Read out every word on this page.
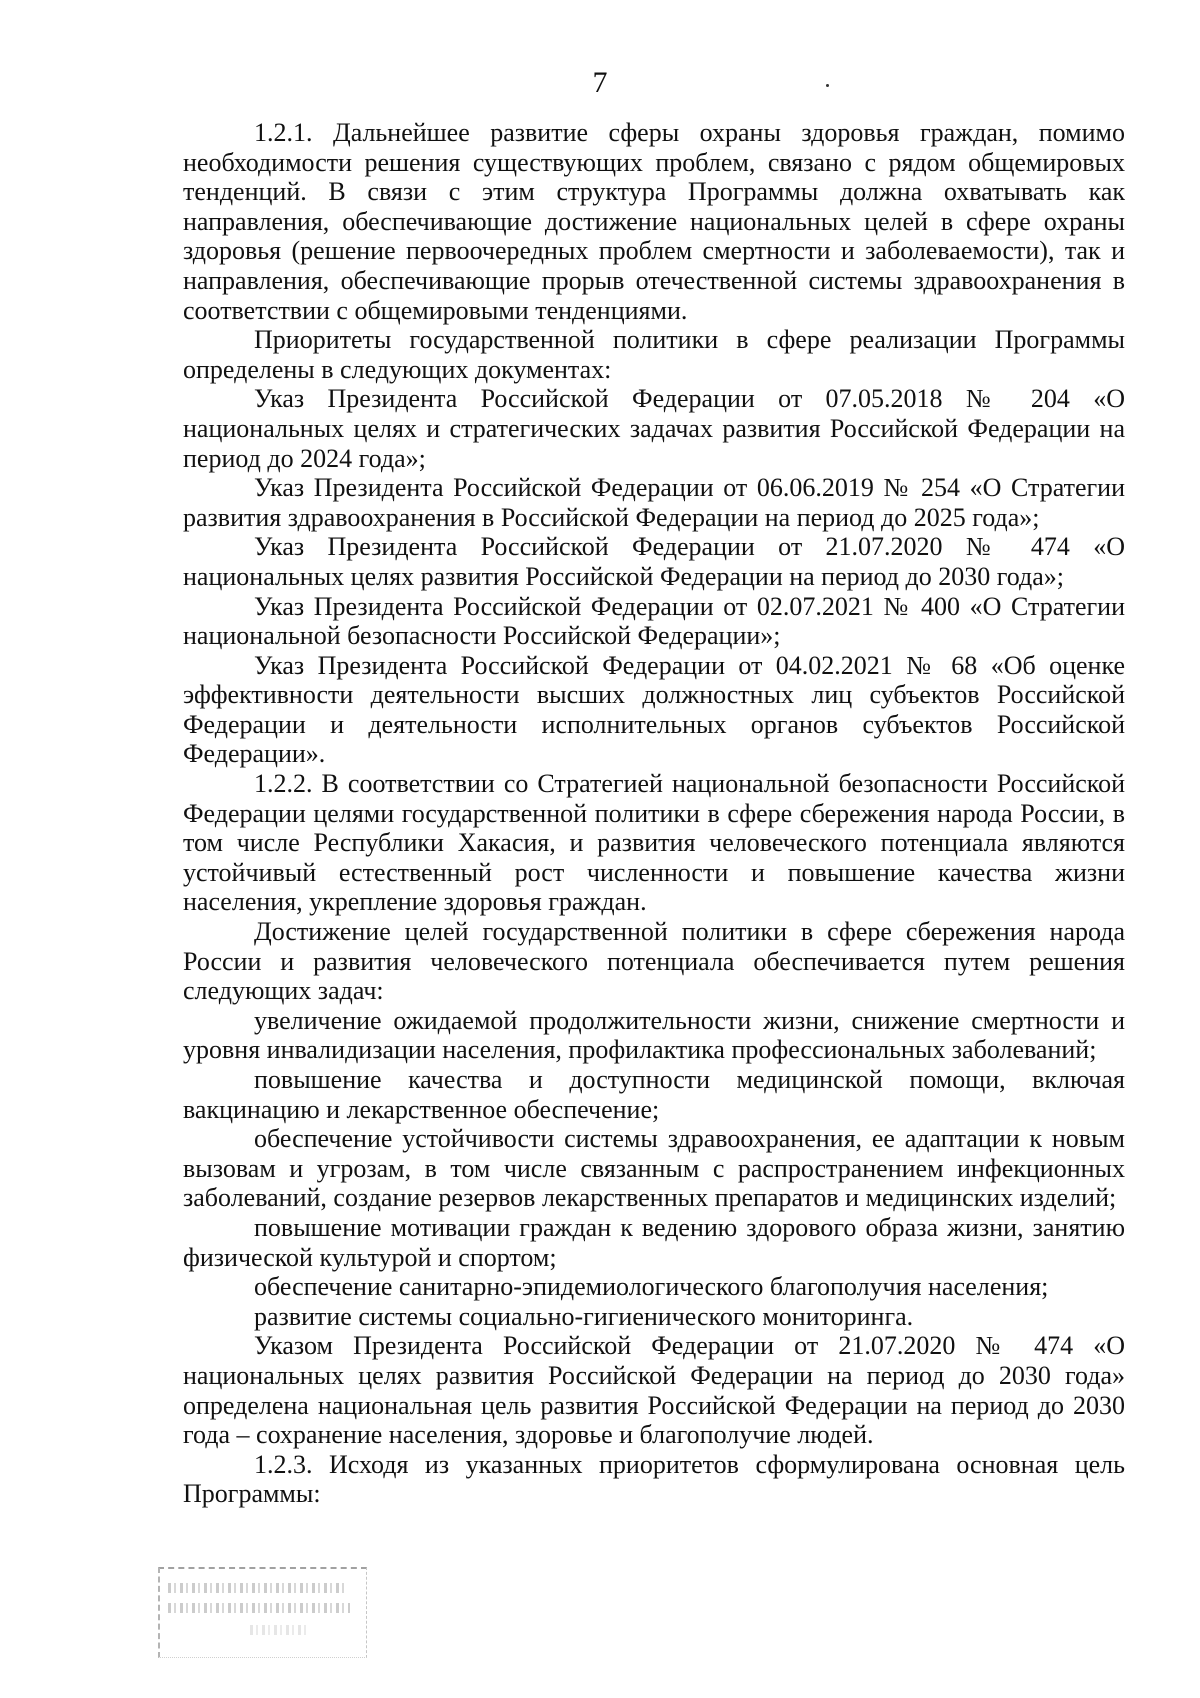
7

1.2.1. Дальнейшее развитие сферы охраны здоровья граждан, помимо необходимости решения существующих проблем, связано с рядом общемировых тенденций. В связи с этим структура Программы должна охватывать как направления, обеспечивающие достижение национальных целей в сфере охраны здоровья (решение первоочередных проблем смертности и заболеваемости), так и направления, обеспечивающие прорыв отечественной системы здравоохранения в соответствии с общемировыми тенденциями.

Приоритеты государственной политики в сфере реализации Программы определены в следующих документах:

Указ Президента Российской Федерации от 07.05.2018 № 204 «О национальных целях и стратегических задачах развития Российской Федерации на период до 2024 года»;

Указ Президента Российской Федерации от 06.06.2019 № 254 «О Стратегии развития здравоохранения в Российской Федерации на период до 2025 года»;

Указ Президента Российской Федерации от 21.07.2020 № 474 «О национальных целях развития Российской Федерации на период до 2030 года»;

Указ Президента Российской Федерации от 02.07.2021 № 400 «О Стратегии национальной безопасности Российской Федерации»;

Указ Президента Российской Федерации от 04.02.2021 № 68 «Об оценке эффективности деятельности высших должностных лиц субъектов Российской Федерации и деятельности исполнительных органов субъектов Российской Федерации».

1.2.2. В соответствии со Стратегией национальной безопасности Российской Федерации целями государственной политики в сфере сбережения народа России, в том числе Республики Хакасия, и развития человеческого потенциала являются устойчивый естественный рост численности и повышение качества жизни населения, укрепление здоровья граждан.

Достижение целей государственной политики в сфере сбережения народа России и развития человеческого потенциала обеспечивается путем решения следующих задач:

увеличение ожидаемой продолжительности жизни, снижение смертности и уровня инвалидизации населения, профилактика профессиональных заболеваний;

повышение качества и доступности медицинской помощи, включая вакцинацию и лекарственное обеспечение;

обеспечение устойчивости системы здравоохранения, ее адаптации к новым вызовам и угрозам, в том числе связанным с распространением инфекционных заболеваний, создание резервов лекарственных препаратов и медицинских изделий;

повышение мотивации граждан к ведению здорового образа жизни, занятию физической культурой и спортом;

обеспечение санитарно-эпидемиологического благополучия населения;

развитие системы социально-гигиенического мониторинга.

Указом Президента Российской Федерации от 21.07.2020 № 474 «О национальных целях развития Российской Федерации на период до 2030 года» определена национальная цель развития Российской Федерации на период до 2030 года – сохранение населения, здоровье и благополучие людей.

1.2.3. Исходя из указанных приоритетов сформулирована основная цель Программы:
